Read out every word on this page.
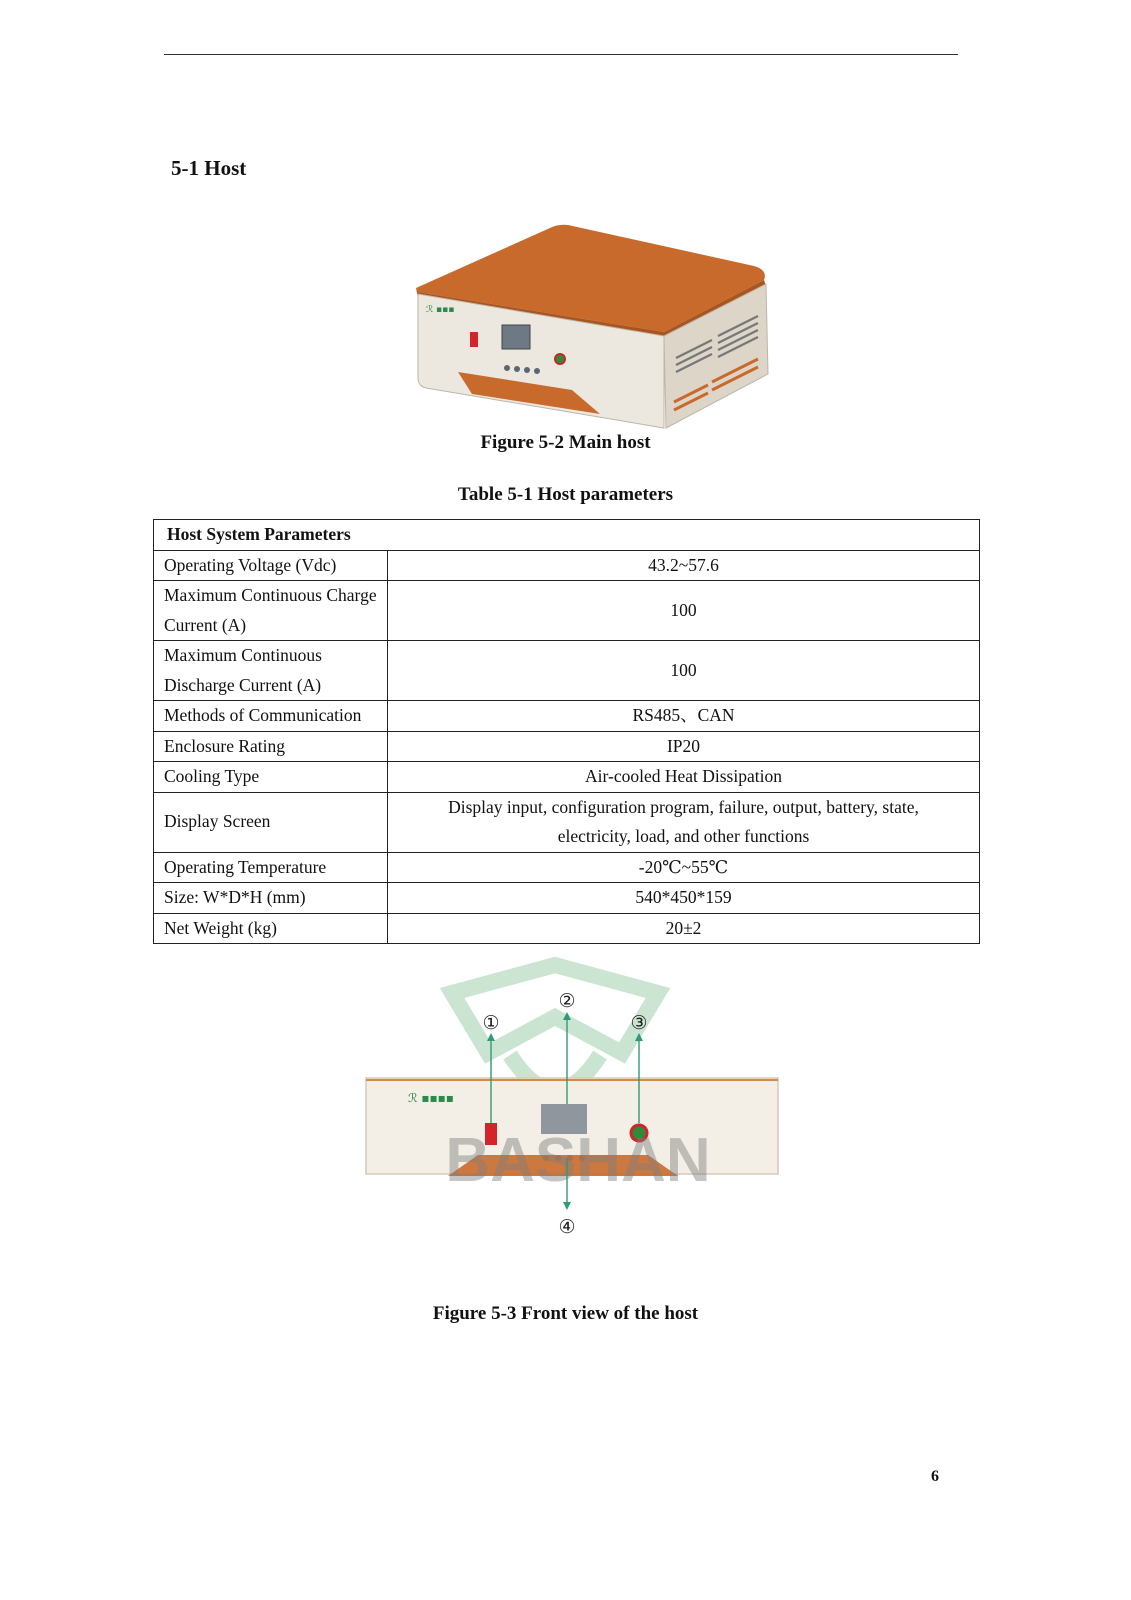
5-1 Host
ℛ ▪▪▪
Figure 5-2 Main host
Table 5-1 Host parameters
Host System Parameters	
Operating Voltage (Vdc)	43.2~57.6
Maximum Continuous Charge Current (A)	100
Maximum Continuous Discharge Current (A)	100
Methods of Communication	RS485、CAN
Enclosure Rating	IP20
Cooling Type	Air-cooled Heat Dissipation
Display Screen	Display input, configuration program, failure, output, battery, state, electricity, load, and other functions
Operating Temperature	-20℃~55℃
Size: W*D*H (mm)	540*450*159
Net Weight (kg)	20±2
ℛ ▪▪▪▪
BASHAN
①
②
③
④
Figure 5-3 Front view of the host
6
